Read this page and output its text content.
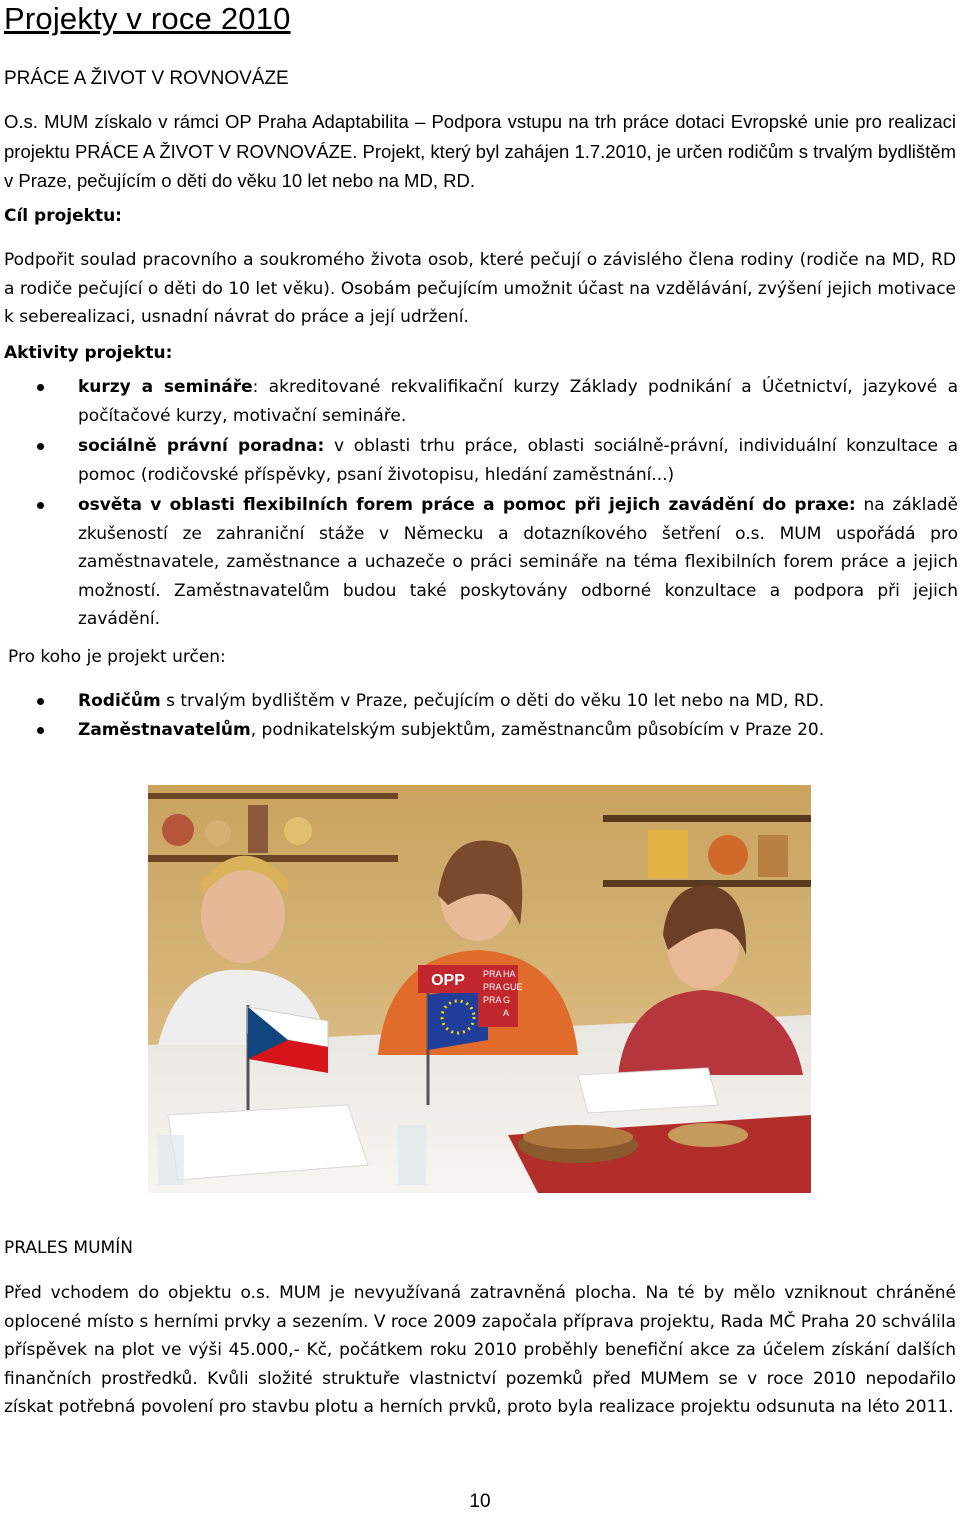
Projekty v roce 2010
PRÁCE A ŽIVOT V ROVNOVÁZE

O.s. MUM získalo v rámci OP Praha Adaptabilita – Podpora vstupu na trh práce dotaci Evropské unie pro realizaci projektu PRÁCE A ŽIVOT V ROVNOVÁZE. Projekt, který byl zahájen 1.7.2010, je určen rodičům s trvalým bydlištěm v Praze, pečujícím o děti do věku 10 let nebo na MD, RD.

Cíl projektu:

Podpořit soulad pracovního a soukromého života osob, které pečují o závislého člena rodiny (rodiče na MD, RD a rodiče pečující o děti do 10 let věku). Osobám pečujícím umožnit účast na vzdělávání, zvýšení jejich motivace k seberealizaci, usnadní návrat do práce a její udržení.

Aktivity projektu:
kurzy a semináře: akreditované rekvalifikační kurzy Základy podnikání a Účetnictví, jazykové a počítačové kurzy, motivační semináře.
sociálně právní poradna: v oblasti trhu práce, oblasti sociálně-právní, individuální konzultace a pomoc (rodičovské příspěvky, psaní životopisu, hledání zaměstnání...)
osvěta v oblasti flexibilních forem práce a pomoc při jejich zavádění do praxe: na základě zkušeností ze zahraniční stáže v Německu a dotazníkového šetření o.s. MUM uspořádá pro zaměstnavatele, zaměstnance a uchazeče o práci semináře na téma flexibilních forem práce a jejich možností. Zaměstnavatelům budou také poskytovány odborné konzultace a podpora při jejich zavádění.
Pro koho je projekt určen:
Rodičům s trvalým bydlištěm v Praze, pečujícím o děti do věku 10 let nebo na MD, RD.
Zaměstnavatelům, podnikatelským subjektům, zaměstnancům působícím v Praze 20.
OPP PRA HA
PRA GUE
PRA G
A
PRALES MUMÍN

Před vchodem do objektu o.s. MUM je nevyužívaná zatravněná plocha. Na té by mělo vzniknout chráněné oplocené místo s herními prvky a sezením. V roce 2009 započala příprava projektu, Rada MČ Praha 20 schválila příspěvek na plot ve výši 45.000,- Kč, počátkem roku 2010 proběhly benefiční akce za účelem získání dalších finančních prostředků. Kvůli složité struktuře vlastnictví pozemků před MUMem se v roce 2010 nepodařilo získat potřebná povolení pro stavbu plotu a herních prvků, proto byla realizace projektu odsunuta na léto 2011.

10
